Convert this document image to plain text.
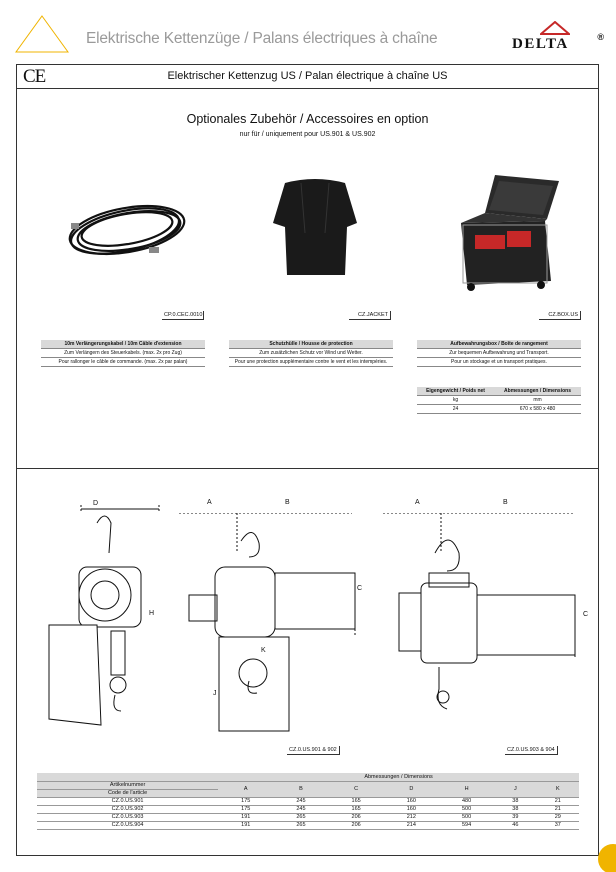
Elektrische Kettenzüge / Palans électriques à chaîne	DELTA	®
CE	Elektrischer Kettenzug US / Palan électrique à chaîne US
Optionales Zubehör / Accessoires en option
nur für / uniquement pour US.901 & US.902
CP.0.CEC.0010	CZ.JACKET	CZ.BOX.US
10m Verlängerungskabel / 10m Câble d'extension
Zum Verlängern des Steuerkabels. (max. 2x pro Zug)
Pour rallonger le câble de commande. (max. 2x par palan)
Schutzhülle / Housse de protection
Zum zusätzlichen Schutz vor Wind und Wetter.
Pour une protection supplémentaire contre le vent et les intempéries.
Aufbewahrungsbox / Boîte de rangement
Zur bequemen Aufbewahrung und Transport.
Pour un stockage et un transport pratiques.
Eigengewicht / Poids net	Abmessungen / Dimensions
kg	mm
24	670 x 580 x 480
D
H
A	B
C
J
K
A	B
C
CZ.0.US.901 & 902	CZ.0.US.903 & 904
	Abmessungen / Dimensions						
Artikelnummer	A	B	C	D	H	J	K
Code de l'article							
CZ.0.US.901	175	245	165	160	480	38	21
CZ.0.US.902	175	245	165	160	500	38	21
CZ.0.US.903	191	265	206	212	500	39	29
CZ.0.US.904	191	265	206	214	594	46	37
